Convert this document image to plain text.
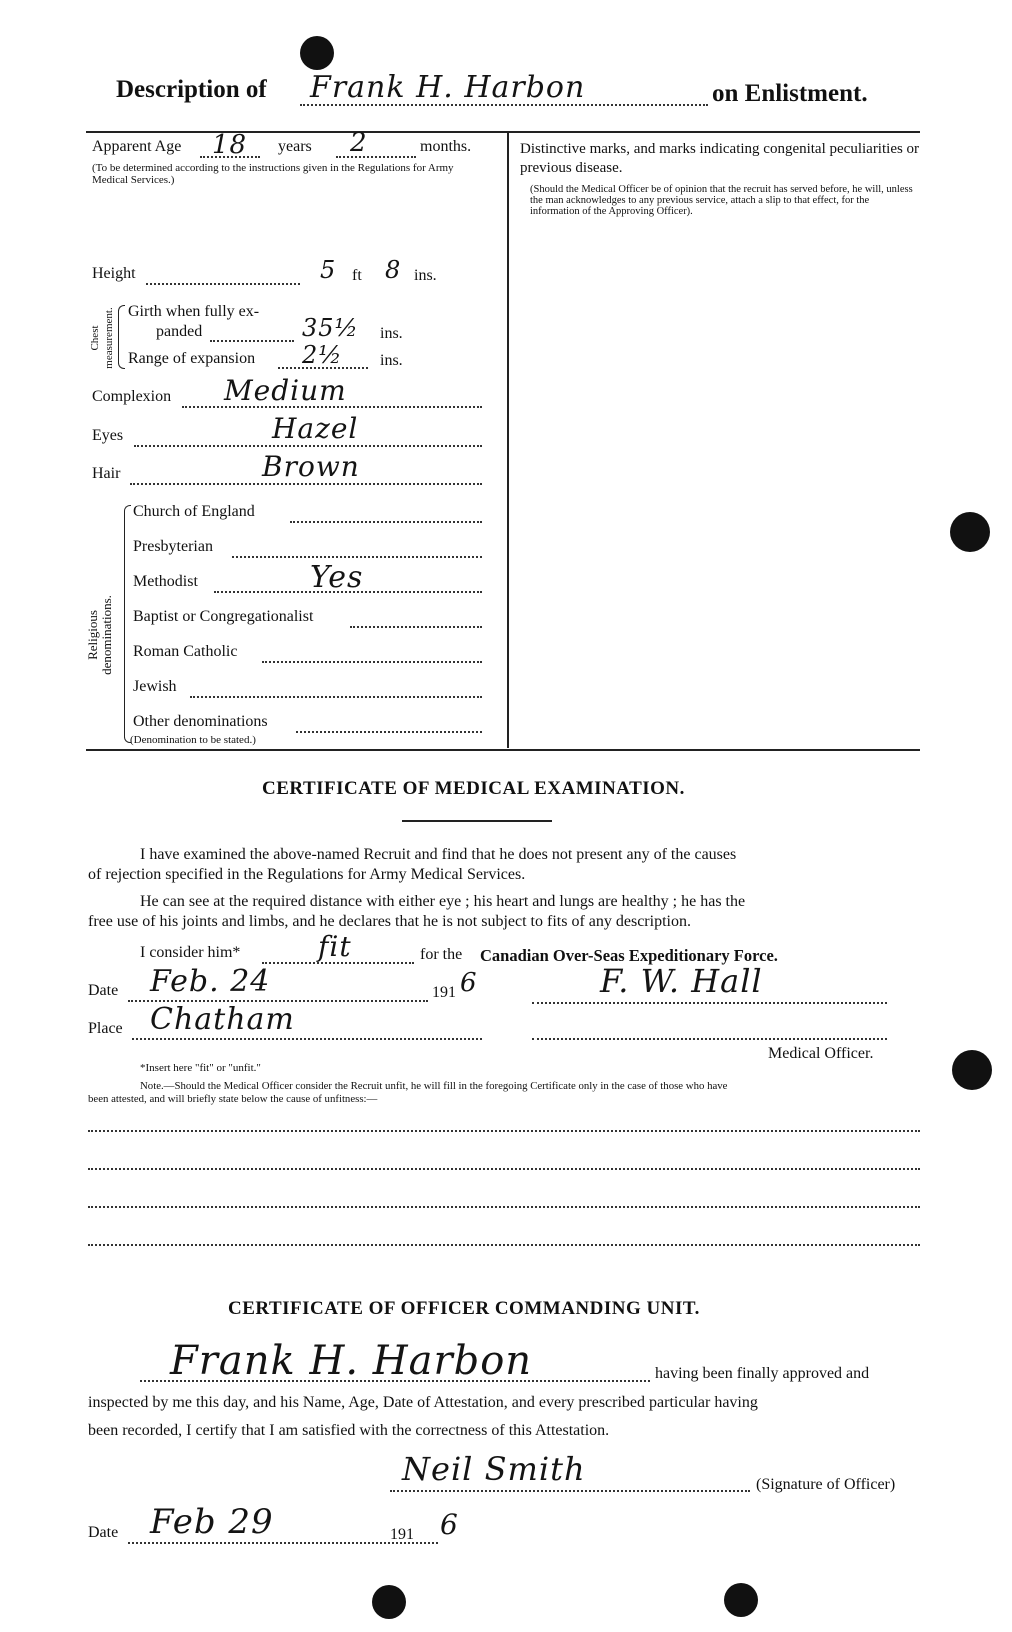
Description of Frank H. Harbon	on Enlistment.
Apparent Age 18 years 2	months.
(To be determined according to the instructions given in the Regulations for Army Medical Services.)
Distinctive marks, and marks indicating congenital peculiarities or previous disease.
(Should the Medical Officer be of opinion that the recruit has served before, he will, unless the man acknowledges to any previous service, attach a slip to that effect, for the information of the Approving Officer).
Height	5 ft 8 ins.
Chest measurement. Girth when fully ex-
panded	35½ ins.
Range of expansion 2½ ins.
Complexion Medium
Eyes	Hazel
Hair	Brown
Religious denominations.
Church of England
Presbyterian
Methodist	Yes
Baptist or Congregationalist
Roman Catholic
Jewish
Other denominations
(Denomination to be stated.)
CERTIFICATE OF MEDICAL EXAMINATION.
I have examined the above-named Recruit and find that he does not present any of the causes
of rejection specified in the Regulations for Army Medical Services.
He can see at the required distance with either eye ; his heart and lungs are healthy ; he has the
free use of his joints and limbs, and he declares that he is not subject to fits of any description.
I consider him*	fit	for the Canadian Over-Seas Expeditionary Force.
Date Feb. 24	191 6	F. W. Hall
Place Chatham
Medical Officer.
*Insert here "fit" or "unfit."
Note.—Should the Medical Officer consider the Recruit unfit, he will fill in the foregoing Certificate only in the case of those who have
been attested, and will briefly state below the cause of unfitness:—
CERTIFICATE OF OFFICER COMMANDING UNIT.
Frank H. Harbon	having been finally approved and
inspected by me this day, and his Name, Age, Date of Attestation, and every prescribed particular having
been recorded, I certify that I am satisfied with the correctness of this Attestation.
Neil Smith	(Signature of Officer)
Date Feb 29	191 6
